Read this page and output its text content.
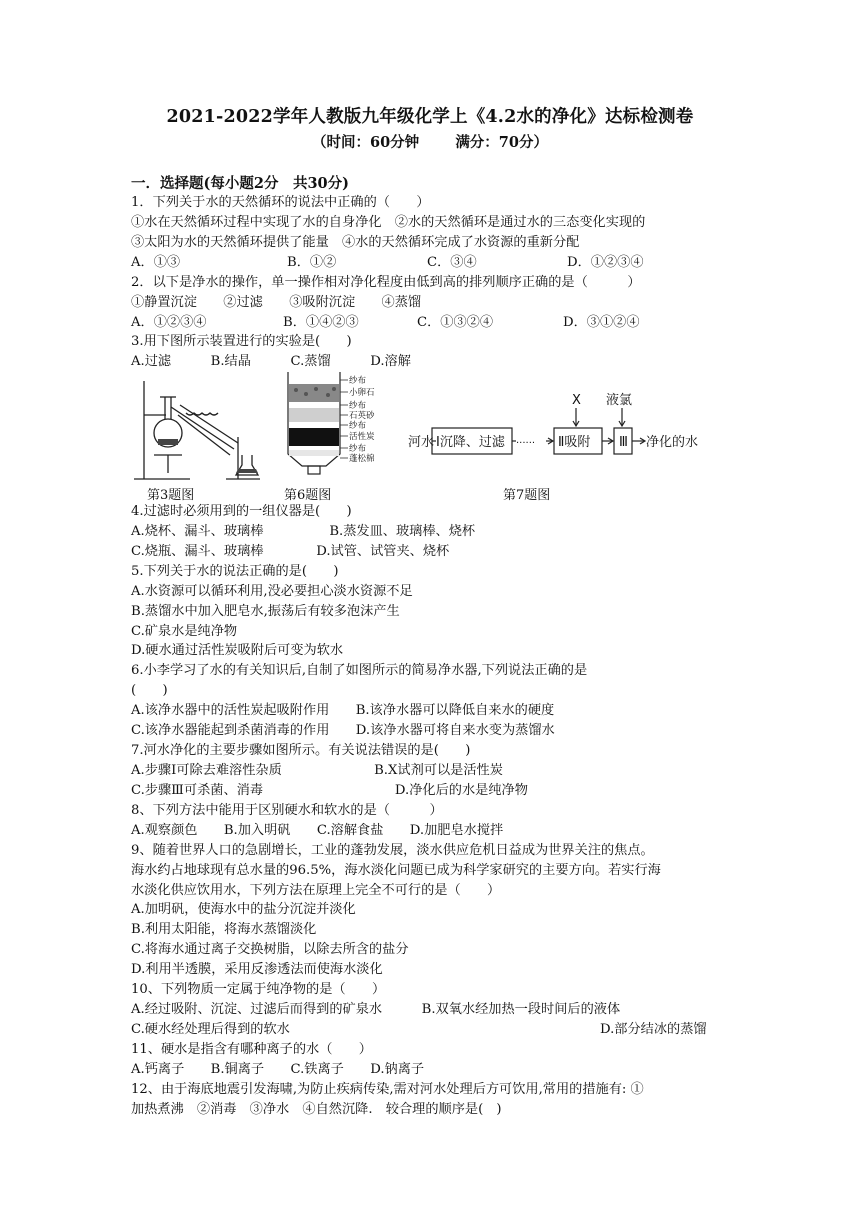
2021-2022学年人教版九年级化学上《4.2水的净化》达标检测卷
（时间：60分钟 满分：70分）
一．选择题(每小题2分　共30分)
1．下列关于水的天然循环的说法中正确的（　　）
①水在天然循环过程中实现了水的自身净化　②水的天然循环是通过水的三态变化实现的
③太阳为水的天然循环提供了能量　④水的天然循环完成了水资源的重新分配
A．①③	B．①②	C．③④	D．①②③④
2．以下是净水的操作，单一操作相对净化程度由低到高的排列顺序正确的是（　　　）
①静置沉淀　　②过滤　　③吸附沉淀　　④蒸馏
A．①②③④	B．①④②③	C．①③②④	D．③①②④
3.用下图所示装置进行的实验是(　　)
A.过滤　　　B.结晶　　　C.蒸馏　　　D.溶解
纱布
小卵石
纱布
石英砂
纱布
活性炭
纱布
蓬松棉
X 液氯
河水 Ⅰ沉降、过滤 ······ Ⅱ吸附 Ⅲ 净化的水
第3题图	第6题图	第7题图
4.过滤时必须用到的一组仪器是(　　)
A.烧杯、漏斗、玻璃棒　　　　　B.蒸发皿、玻璃棒、烧杯
C.烧瓶、漏斗、玻璃棒　　　　D.试管、试管夹、烧杯
5.下列关于水的说法正确的是(　　)
A.水资源可以循环利用,没必要担心淡水资源不足
B.蒸馏水中加入肥皂水,振荡后有较多泡沫产生
C.矿泉水是纯净物
D.硬水通过活性炭吸附后可变为软水
6.小李学习了水的有关知识后,自制了如图所示的简易净水器,下列说法正确的是
(　　)
A.该净水器中的活性炭起吸附作用　　B.该净水器可以降低自来水的硬度
C.该净水器能起到杀菌消毒的作用　　D.该净水器可将自来水变为蒸馏水
7.河水净化的主要步骤如图所示。有关说法错误的是(　　)
A.步骤Ⅰ可除去难溶性杂质　　　　　　　B.X试剂可以是活性炭
C.步骤Ⅲ可杀菌、消毒　　　　　　　　　　D.净化后的水是纯净物
8、下列方法中能用于区别硬水和软水的是（　　　）
A.观察颜色　　B.加入明矾　　C.溶解食盐　　D.加肥皂水搅拌
9、随着世界人口的急剧增长，工业的蓬勃发展，淡水供应危机日益成为世界关注的焦点。
海水约占地球现有总水量的96.5%，海水淡化问题已成为科学家研究的主要方向。若实行海
水淡化供应饮用水，下列方法在原理上完全不可行的是（　　）
A.加明矾，使海水中的盐分沉淀并淡化
B.利用太阳能，将海水蒸馏淡化
C.将海水通过离子交换树脂，以除去所含的盐分
D.利用半透膜，采用反渗透法而使海水淡化
10、下列物质一定属于纯净物的是（　　）
A.经过吸附、沉淀、过滤后而得到的矿泉水　　　B.双氧水经加热一段时间后的液体
C.硬水经处理后得到的软水	D.部分结冰的蒸馏
11、硬水是指含有哪种离子的水（　　）
A.钙离子　　B.铜离子　　C.铁离子　　D.钠离子
12、由于海底地震引发海啸,为防止疾病传染,需对河水处理后方可饮用,常用的措施有: ①
加热煮沸　②消毒　③净水　④自然沉降.　较合理的顺序是(　)
